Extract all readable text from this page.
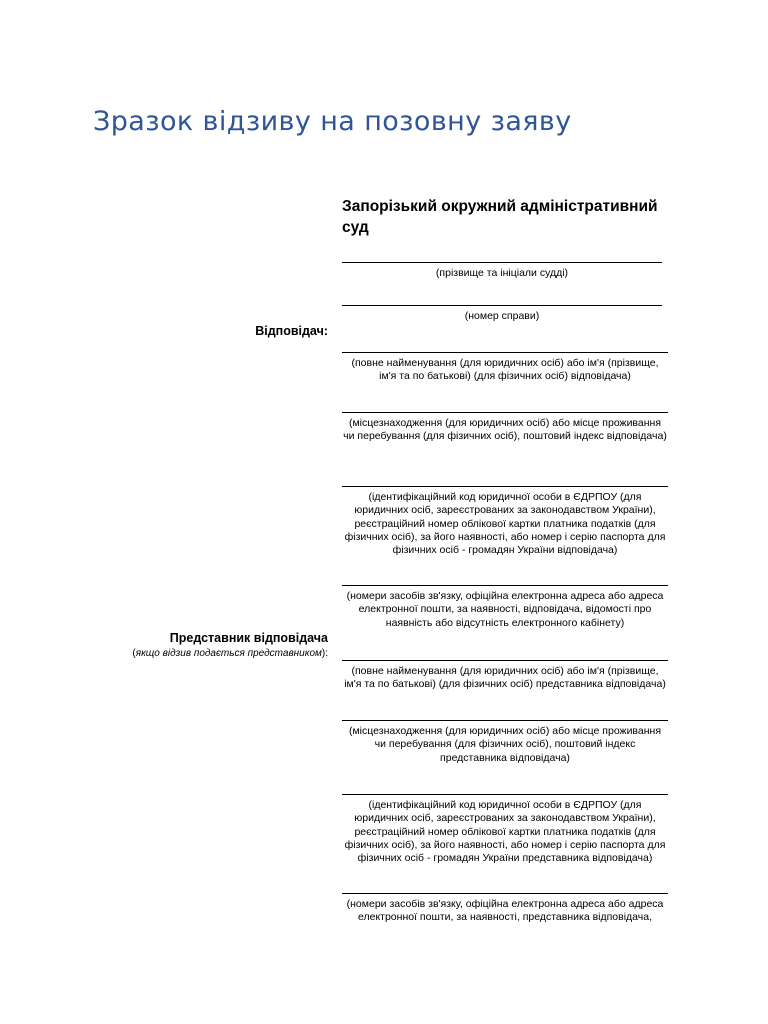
Зразок відзиву на позовну заяву

Запорізький окружний адміністративний суд

(прізвище та ініціали судді)
(номер справи)
Відповідач:
(повне найменування (для юридичних осіб) або ім'я (прізвище, ім'я та по батькові) (для фізичних осіб) відповідача)
(місцезнаходження (для юридичних осіб) або місце проживання чи перебування (для фізичних осіб), поштовий індекс відповідача)
(ідентифікаційний код юридичної особи в ЄДРПОУ (для юридичних осіб, зареєстрованих за законодавством України), реєстраційний номер облікової картки платника податків (для фізичних осіб), за його наявності, або номер і серію паспорта для фізичних осіб - громадян України відповідача)
(номери засобів зв'язку, офіційна електронна адреса або адреса електронної пошти, за наявності, відповідача, відомості про наявність або відсутність електронного кабінету)
Представник відповідача
(якщо відзив подається представником):
(повне найменування (для юридичних осіб) або ім'я (прізвище, ім'я та по батькові) (для фізичних осіб) представника відповідача)
(місцезнаходження (для юридичних осіб) або місце проживання чи перебування (для фізичних осіб), поштовий індекс представника відповідача)
(ідентифікаційний код юридичної особи в ЄДРПОУ (для юридичних осіб, зареєстрованих за законодавством України), реєстраційний номер облікової картки платника податків (для фізичних осіб), за його наявності, або номер і серію паспорта для фізичних осіб - громадян України представника відповідача)
(номери засобів зв'язку, офіційна електронна адреса або адреса електронної пошти, за наявності, представника відповідача,
